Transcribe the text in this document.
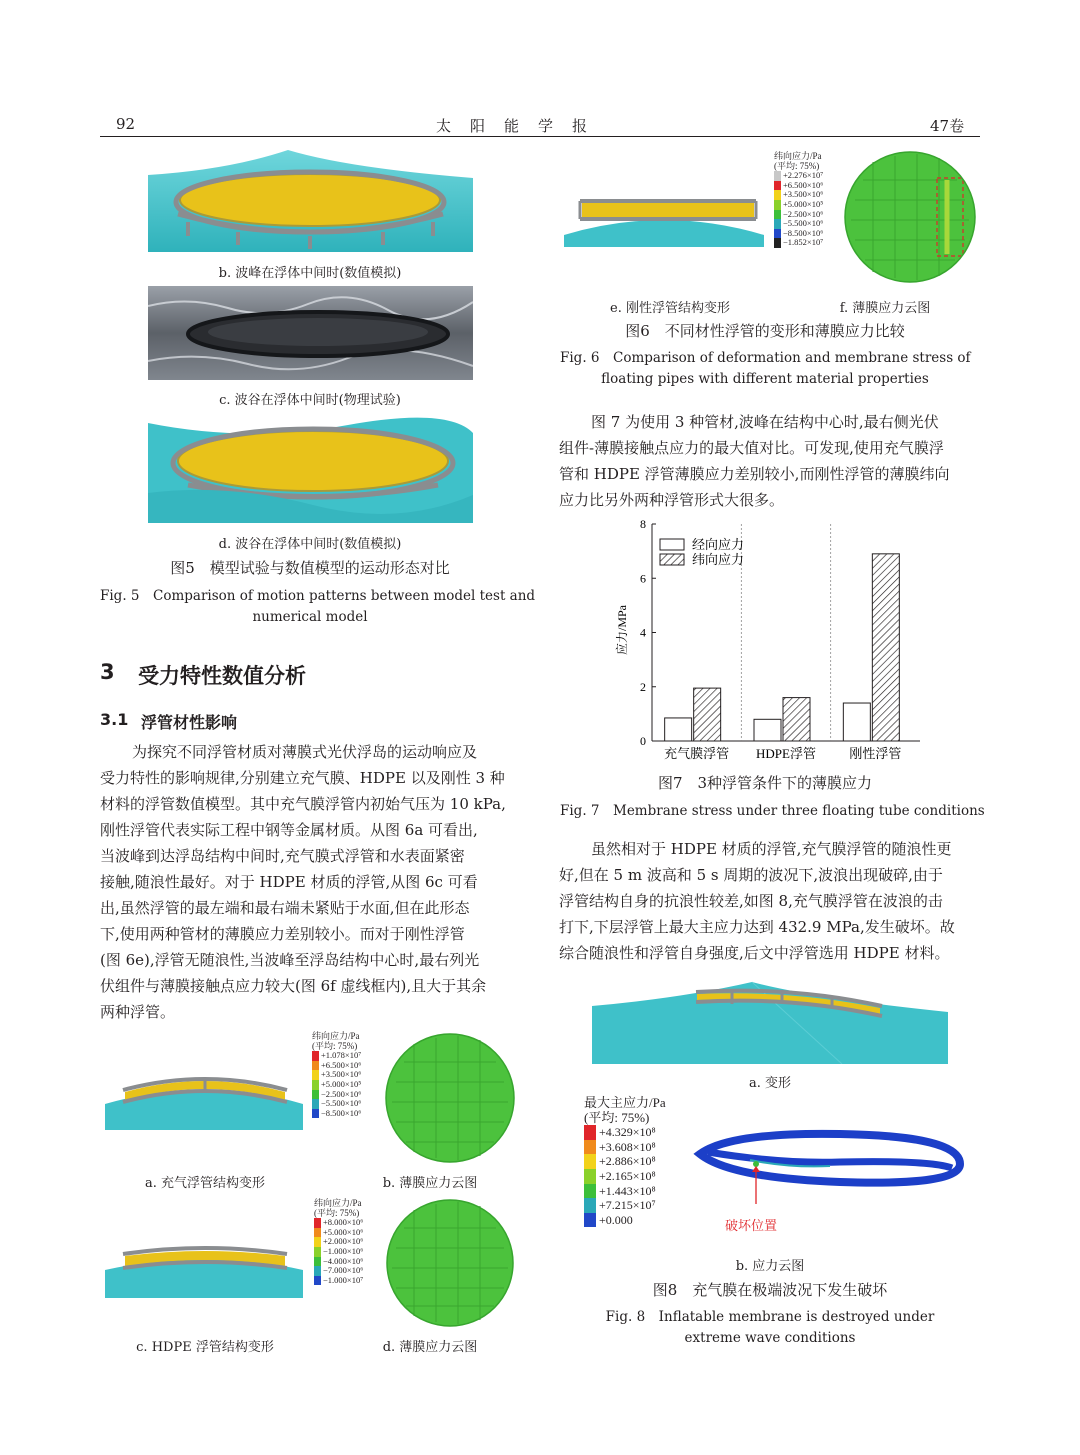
92	太　阳　能　学　报	47卷
b. 波峰在浮体中间时(数值模拟)
c. 波谷在浮体中间时(物理试验)
d. 波谷在浮体中间时(数值模拟)
图5　模型试验与数值模型的运动形态对比
Fig. 5　Comparison of motion patterns between model test and
numerical model
3 受力特性数值分析
3.1 浮管材性影响
为探究不同浮管材质对薄膜式光伏浮岛的运动响应及
受力特性的影响规律,分别建立充气膜、HDPE 以及刚性 3 种
材料的浮管数值模型。其中充气膜浮管内初始气压为 10 kPa,
刚性浮管代表实际工程中钢等金属材质。从图 6a 可看出,
当波峰到达浮岛结构中间时,充气膜式浮管和水表面紧密
接触,随浪性最好。对于 HDPE 材质的浮管,从图 6c 可看
出,虽然浮管的最左端和最右端未紧贴于水面,但在此形态
下,使用两种管材的薄膜应力差别较小。而对于刚性浮管
(图 6e),浮管无随浪性,当波峰至浮岛结构中心时,最右列光
伏组件与薄膜接触点应力较大(图 6f 虚线框内),且大于其余
两种浮管。
纬向应力/Pa
(平均: 75%)
+1.078×10⁷
+6.500×10⁶
+3.500×10⁶
+5.000×10⁵
−2.500×10⁶
−5.500×10⁶
−8.500×10⁶
a. 充气浮管结构变形	b. 薄膜应力云图
纬向应力/Pa
(平均: 75%)
+8.000×10⁶
+5.000×10⁶
+2.000×10⁶
−1.000×10⁶
−4.000×10⁶
−7.000×10⁶
−1.000×10⁷
c. HDPE 浮管结构变形	d. 薄膜应力云图
纬向应力/Pa
(平均: 75%)
+2.276×10⁷
+6.500×10⁶
+3.500×10⁶
+5.000×10⁵
−2.500×10⁶
−5.500×10⁶
−8.500×10⁶
−1.852×10⁷
e. 刚性浮管结构变形	f. 薄膜应力云图
图6　不同材性浮管的变形和薄膜应力比较
Fig. 6　Comparison of deformation and membrane stress of
floating pipes with different material properties
图 7 为使用 3 种管材,波峰在结构中心时,最右侧光伏
组件-薄膜接触点应力的最大值对比。可发现,使用充气膜浮
管和 HDPE 浮管薄膜应力差别较小,而刚性浮管的薄膜纬向
应力比另外两种浮管形式大很多。
应力/MPa
0
2
4
6
8
充气膜浮管 HDPE浮管	刚性浮管
经向应力
纬向应力
图7　3种浮管条件下的薄膜应力
Fig. 7　Membrane stress under three floating tube conditions
虽然相对于 HDPE 材质的浮管,充气膜浮管的随浪性更
好,但在 5 m 波高和 5 s 周期的波况下,波浪出现破碎,由于
浮管结构自身的抗浪性较差,如图 8,充气膜浮管在波浪的击
打下,下层浮管上最大主应力达到 432.9 MPa,发生破坏。故
综合随浪性和浮管自身强度,后文中浮管选用 HDPE 材料。
a. 变形
最大主应力/Pa
(平均: 75%)
+4.329×10⁸
+3.608×10⁸
+2.886×10⁸
+2.165×10⁸
+1.443×10⁸
+7.215×10⁷
+0.000	破坏位置
b. 应力云图
图8　充气膜在极端波况下发生破坏
Fig. 8　Inflatable membrane is destroyed under
extreme wave conditions
